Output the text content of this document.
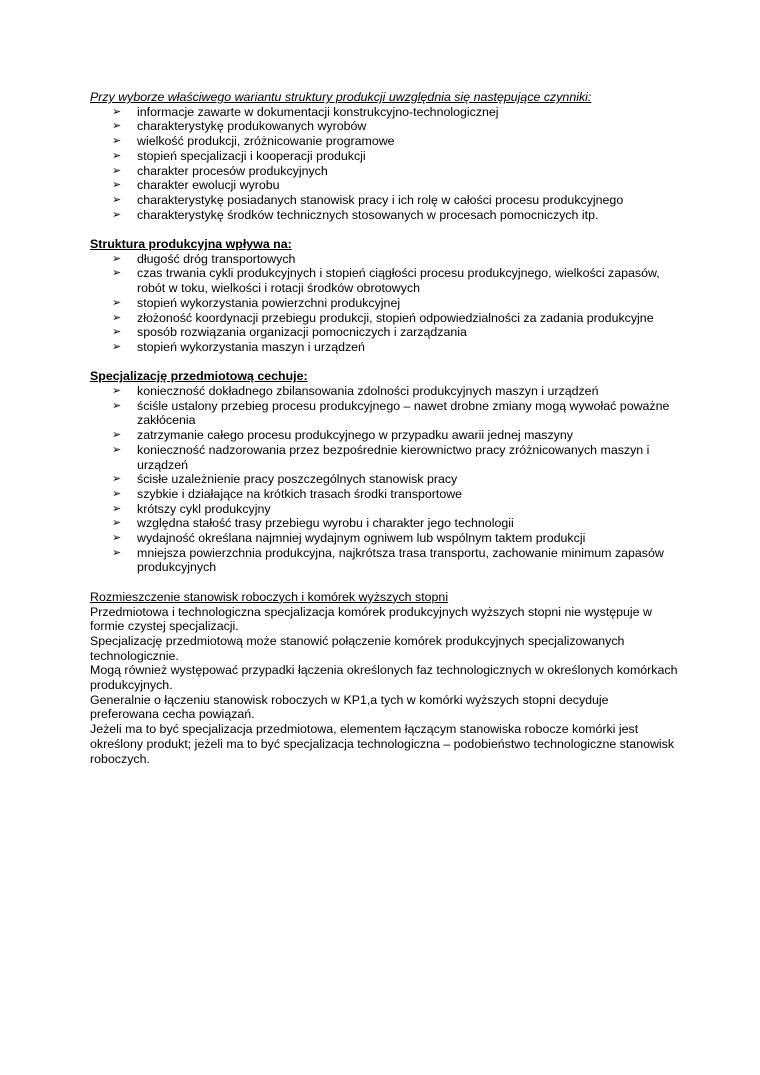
Przy wyborze właściwego wariantu struktury produkcji uwzględnia się następujące czynniki:

➢ informacje zawarte w dokumentacji konstrukcyjno-technologicznej
➢ charakterystykę produkowanych wyrobów
➢ wielkość produkcji, zróżnicowanie programowe
➢ stopień specjalizacji i kooperacji produkcji
➢ charakter procesów produkcyjnych
➢ charakter ewolucji wyrobu
➢ charakterystykę posiadanych stanowisk pracy i ich rolę w całości procesu produkcyjnego
➢ charakterystykę środków technicznych stosowanych w procesach pomocniczych itp.

Struktura produkcyjna wpływa na:

➢ długość dróg transportowych
➢ czas trwania cykli produkcyjnych i stopień ciągłości procesu produkcyjnego, wielkości zapasów, robót w toku, wielkości i rotacji środków obrotowych
➢ stopień wykorzystania powierzchni produkcyjnej
➢ złożoność koordynacji przebiegu produkcji, stopień odpowiedzialności za zadania produkcyjne
➢ sposób rozwiązania organizacji pomocniczych i zarządzania
➢ stopień wykorzystania maszyn i urządzeń

Specjalizację przedmiotową cechuje:

➢ konieczność dokładnego zbilansowania zdolności produkcyjnych maszyn i urządzeń
➢ ściśle ustalony przebieg procesu produkcyjnego – nawet drobne zmiany mogą wywołać poważne zakłócenia
➢ zatrzymanie całego procesu produkcyjnego w przypadku awarii jednej maszyny
➢ konieczność nadzorowania przez bezpośrednie kierownictwo pracy zróżnicowanych maszyn i urządzeń
➢ ścisłe uzależnienie pracy poszczególnych stanowisk pracy
➢ szybkie i działające na krótkich trasach środki transportowe
➢ krótszy cykl produkcyjny
➢ względna stałość trasy przebiegu wyrobu i charakter jego technologii
➢ wydajność określana najmniej wydajnym ogniwem lub wspólnym taktem produkcji
➢ mniejsza powierzchnia produkcyjna, najkrótsza trasa transportu, zachowanie minimum zapasów produkcyjnych

Rozmieszczenie stanowisk roboczych i komórek wyższych stopni

Przedmiotowa i technologiczna specjalizacja komórek produkcyjnych wyższych stopni nie występuje w formie czystej specjalizacji.

Specjalizację przedmiotową może stanowić połączenie komórek produkcyjnych specjalizowanych technologicznie.

Mogą również występować przypadki łączenia określonych faz technologicznych w określonych komórkach produkcyjnych.

Generalnie o łączeniu stanowisk roboczych w KP1,a tych w komórki wyższych stopni decyduje preferowana cecha powiązań.

Jeżeli ma to być specjalizacja przedmiotowa, elementem łączącym stanowiska robocze komórki jest określony produkt; jeżeli ma to być specjalizacja technologiczna – podobieństwo technologiczne stanowisk roboczych.
